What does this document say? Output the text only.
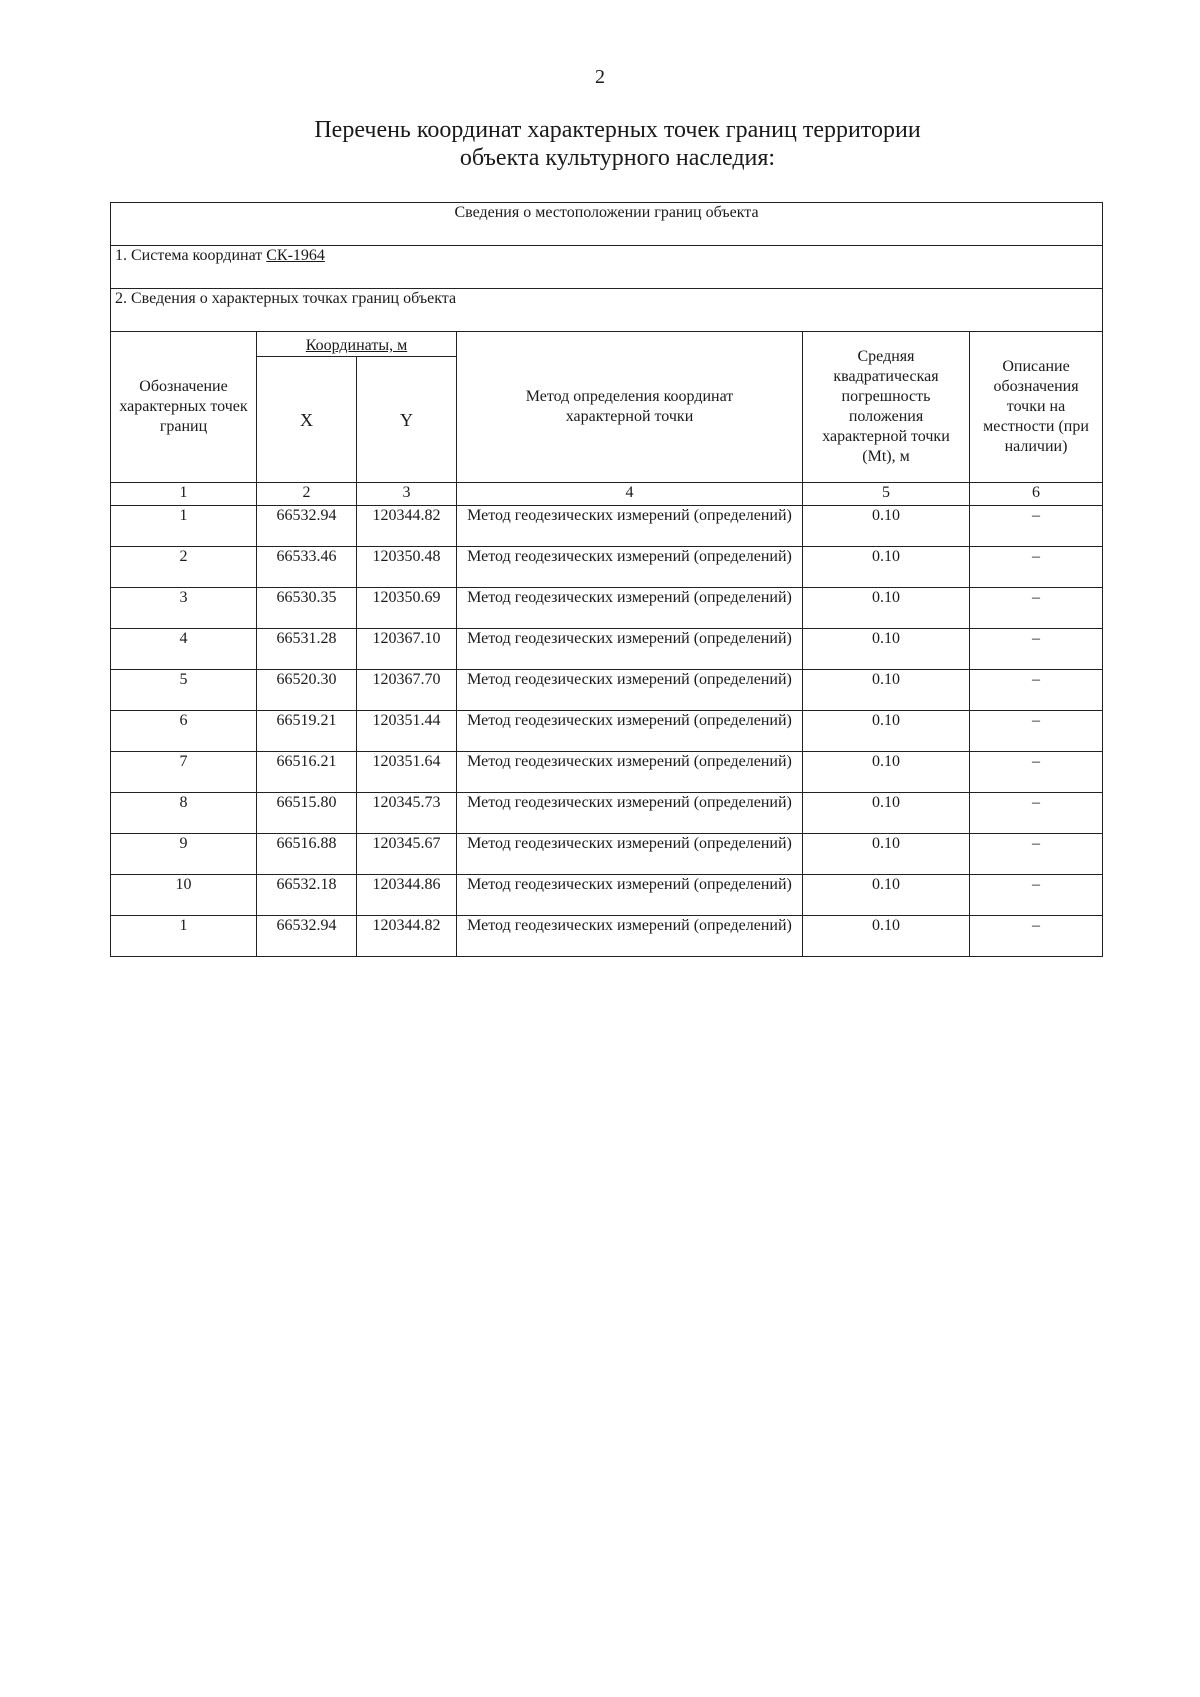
2
Перечень координат характерных точек границ территории
объекта культурного наследия:
Сведения о местоположении границ объекта					
1. Система координат СК-1964					
2. Сведения о характерных точках границ объекта					
Обозначение характерных точек границ	Координаты, м		Метод определения координат характерной точки	Средняя квадратическая погрешность положения характерной точки (Mt), м	Описание обозначения точки на местности (при наличии)
	X	Y			
1	2	3	4	5	6
1	66532.94	120344.82	Метод геодезических измерений (определений)	0.10	–
2	66533.46	120350.48	Метод геодезических измерений (определений)	0.10	–
3	66530.35	120350.69	Метод геодезических измерений (определений)	0.10	–
4	66531.28	120367.10	Метод геодезических измерений (определений)	0.10	–
5	66520.30	120367.70	Метод геодезических измерений (определений)	0.10	–
6	66519.21	120351.44	Метод геодезических измерений (определений)	0.10	–
7	66516.21	120351.64	Метод геодезических измерений (определений)	0.10	–
8	66515.80	120345.73	Метод геодезических измерений (определений)	0.10	–
9	66516.88	120345.67	Метод геодезических измерений (определений)	0.10	–
10	66532.18	120344.86	Метод геодезических измерений (определений)	0.10	–
1	66532.94	120344.82	Метод геодезических измерений (определений)	0.10	–
